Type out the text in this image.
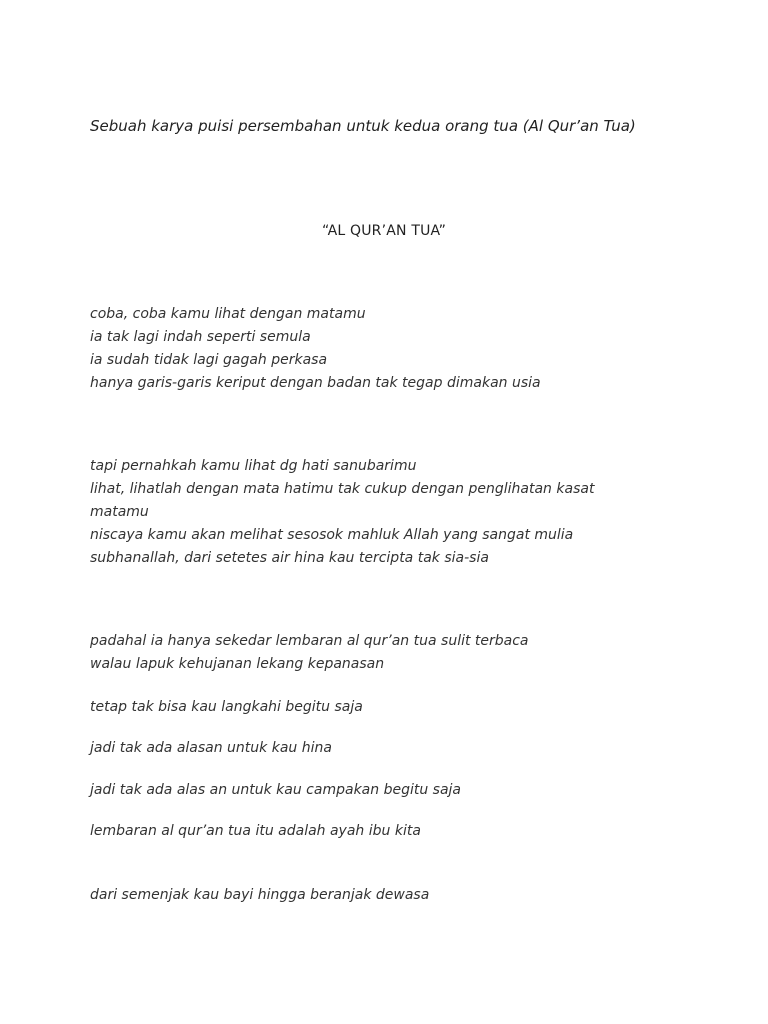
Sebuah karya puisi persembahan untuk kedua orang tua (Al Qur’an Tua)
“AL QUR’AN TUA”
coba, coba kamu lihat dengan matamu
ia tak lagi indah seperti semula
ia sudah tidak lagi gagah perkasa
hanya garis-garis keriput dengan badan tak tegap dimakan usia
tapi pernahkah kamu lihat dg hati sanubarimu
lihat, lihatlah dengan mata hatimu tak cukup dengan penglihatan kasat matamu
niscaya kamu akan melihat sesosok mahluk Allah yang sangat mulia
subhanallah, dari setetes air hina kau tercipta tak sia-sia
padahal ia hanya sekedar lembaran al qur’an tua sulit terbaca
walau lapuk kehujanan lekang kepanasan
tetap tak bisa kau langkahi begitu saja
jadi tak ada alasan untuk kau hina
jadi tak ada alas an untuk kau campakan begitu saja
lembaran al qur’an tua itu adalah ayah ibu kita
dari semenjak kau bayi hingga beranjak dewasa
